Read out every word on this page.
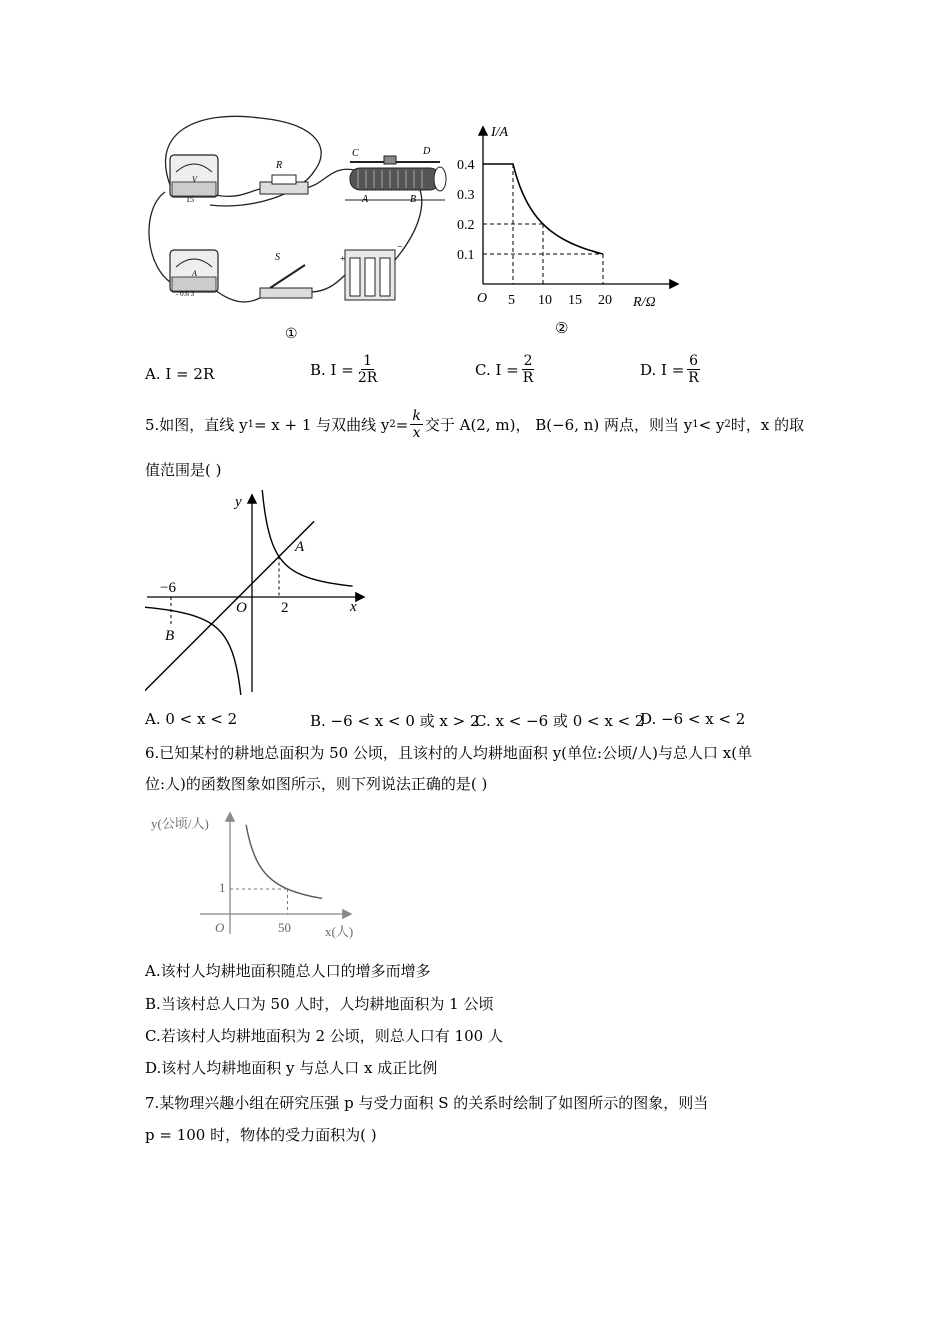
V
15
R
C	D
A	B
A
- 0.6 3
S	+
−
①
0.1
0.2
0.3
0.4
5 10 15 20
I/A
R/Ω
O
②
A. I = 2R	B. $I = \frac{1}{2R}$	C. $I = \frac{2}{R}$	D. $I = \frac{6}{R}$
5.如图，直线 y 1 = x + 1 与双曲线 y $2 = \frac{k}{x}$ 交于 A(2, m)， B(−6, n) 两点，则当 y 1 < y 2 时，x 的取
值范围是( )
y
x
O
−6
2
A
B
A. 0 < x < 2	B. −6 < x < 0 或 x > 2
C. x < −6 或 0 < x < 2
D. −6 < x < 2
6.已知某村的耕地总面积为 50 公顷，且该村的人均耕地面积 y(单位:公顷/人)与总人口 x(单
位:人)的函数图象如图所示，则下列说法正确的是( )
y(公顷/人)
x(人)
O
1
50
A.该村人均耕地面积随总人口的增多而增多
B.当该村总人口为 50 人时，人均耕地面积为 1 公顷
C.若该村人均耕地面积为 2 公顷，则总人口有 100 人
D.该村人均耕地面积 y 与总人口 x 成正比例
7.某物理兴趣小组在研究压强 p 与受力面积 S 的关系时绘制了如图所示的图象，则当
p = 100 时，物体的受力面积为( )
